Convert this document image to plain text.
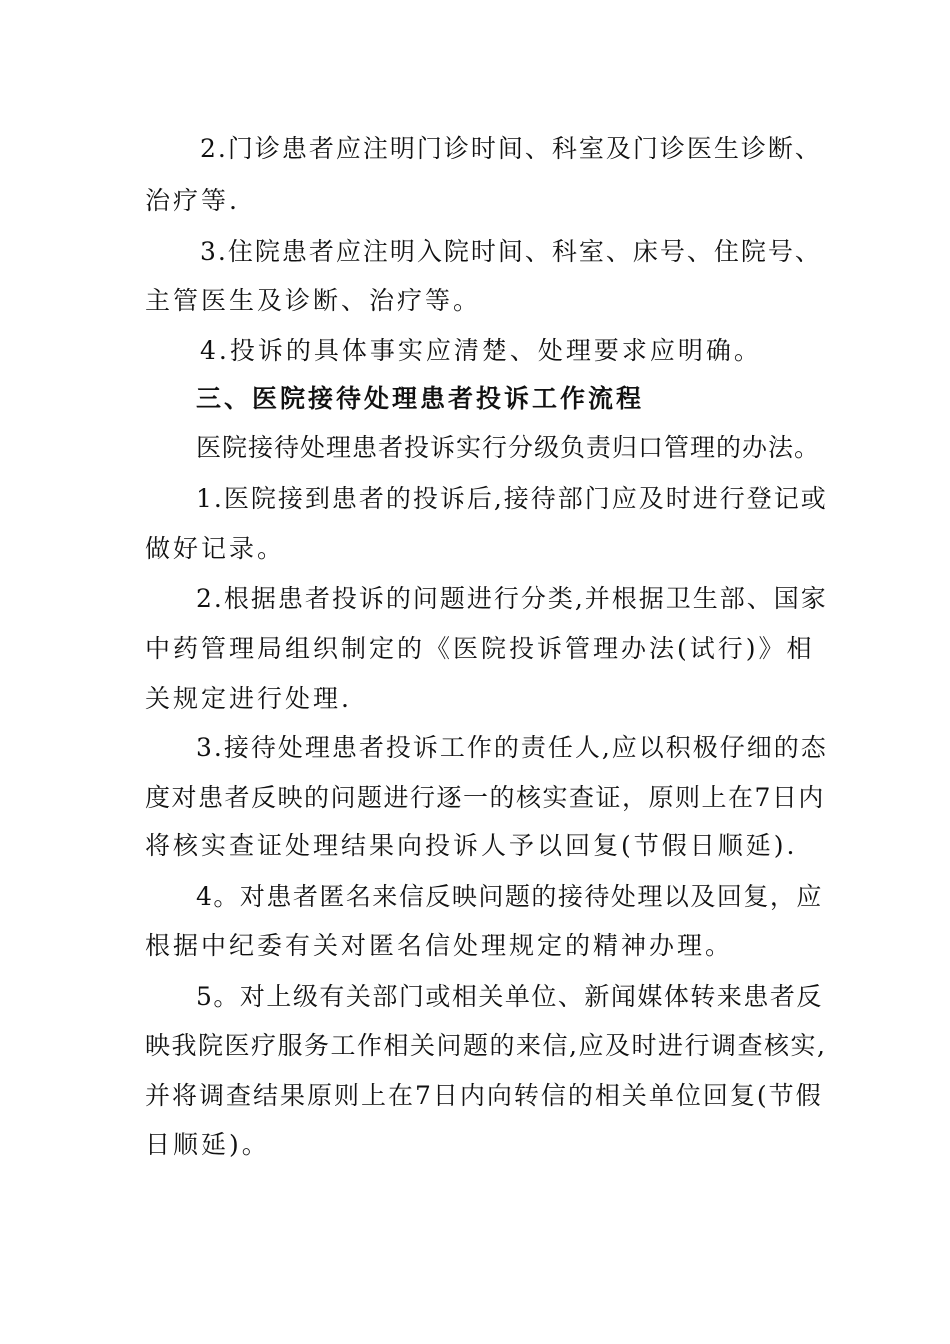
2.门诊患者应注明门诊时间、科室及门诊医生诊断、
治疗等.
3.住院患者应注明入院时间、科室、床号、住院号、
主管医生及诊断、治疗等。
4.投诉的具体事实应清楚、处理要求应明确。
三、医院接待处理患者投诉工作流程
医院接待处理患者投诉实行分级负责归口管理的办法。
1.医院接到患者的投诉后,接待部门应及时进行登记或
做好记录。
2.根据患者投诉的问题进行分类,并根据卫生部、国家
中药管理局组织制定的《医院投诉管理办法(试行)》相
关规定进行处理.
3.接待处理患者投诉工作的责任人,应以积极仔细的态
度对患者反映的问题进行逐一的核实查证，原则上在7日内
将核实查证处理结果向投诉人予以回复(节假日顺延).
4。对患者匿名来信反映问题的接待处理以及回复，应
根据中纪委有关对匿名信处理规定的精神办理。
5。对上级有关部门或相关单位、新闻媒体转来患者反
映我院医疗服务工作相关问题的来信,应及时进行调查核实,
并将调查结果原则上在7日内向转信的相关单位回复(节假
日顺延)。
